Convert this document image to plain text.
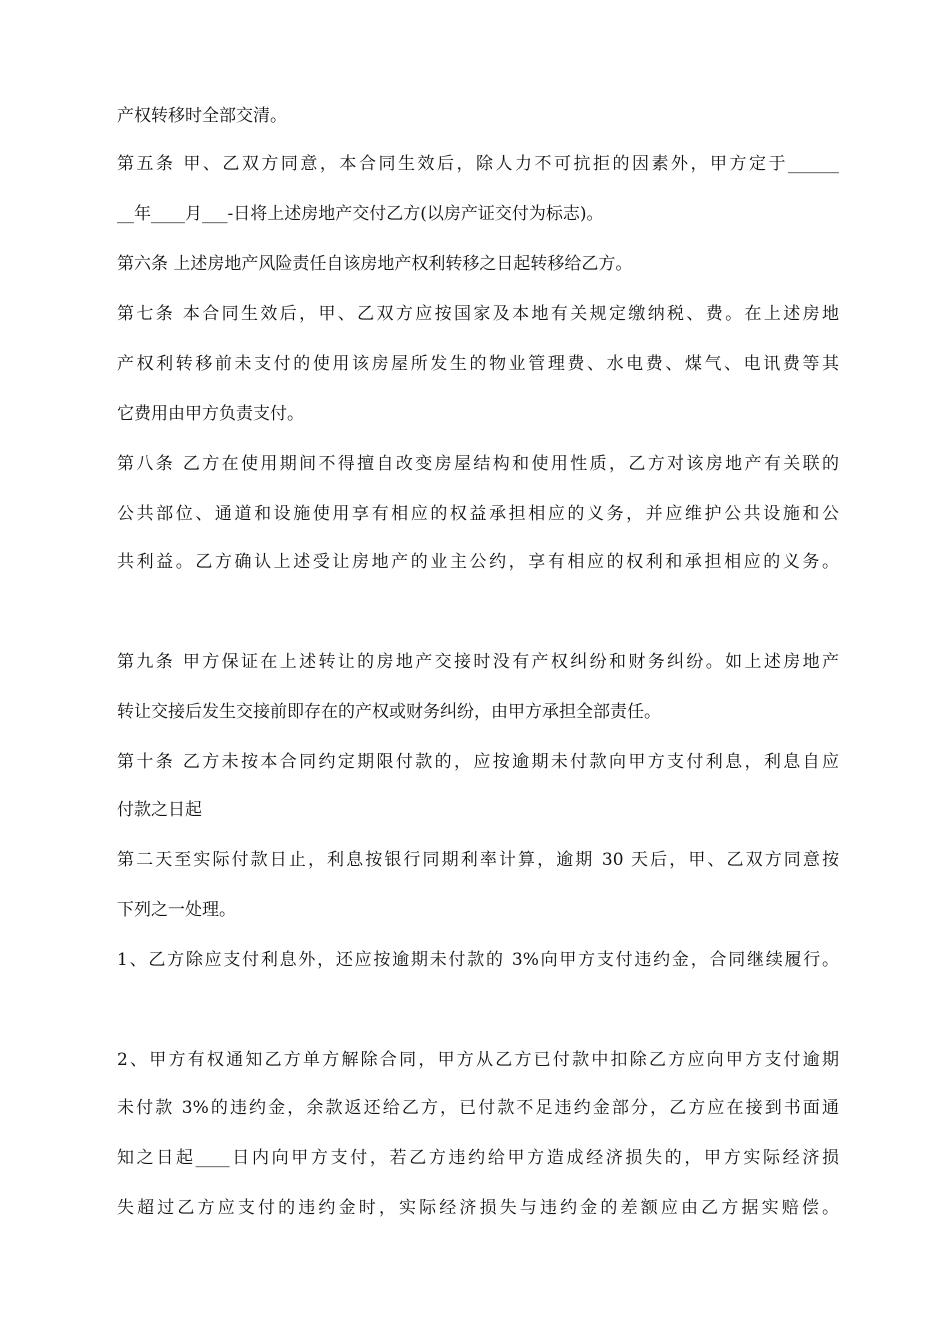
产权转移时全部交清。
第五条 甲、乙双方同意，本合同生效后，除人力不可抗拒的因素外，甲方定于______
__年____月___-日将上述房地产交付乙方(以房产证交付为标志)。
第六条 上述房地产风险责任自该房地产权利转移之日起转移给乙方。
第七条 本合同生效后，甲、乙双方应按国家及本地有关规定缴纳税、费。在上述房地
产权利转移前未支付的使用该房屋所发生的物业管理费、水电费、煤气、电讯费等其
它费用由甲方负责支付。
第八条 乙方在使用期间不得擅自改变房屋结构和使用性质，乙方对该房地产有关联的
公共部位、通道和设施使用享有相应的权益承担相应的义务，并应维护公共设施和公
共利益。乙方确认上述受让房地产的业主公约，享有相应的权利和承担相应的义务。
第九条 甲方保证在上述转让的房地产交接时没有产权纠纷和财务纠纷。如上述房地产
转让交接后发生交接前即存在的产权或财务纠纷，由甲方承担全部责任。
第十条 乙方未按本合同约定期限付款的，应按逾期未付款向甲方支付利息，利息自应
付款之日起
第二天至实际付款日止，利息按银行同期利率计算，逾期 30 天后，甲、乙双方同意按
下列之一处理。
1、乙方除应支付利息外，还应按逾期未付款的 3%向甲方支付违约金，合同继续履行。
2、甲方有权通知乙方单方解除合同，甲方从乙方已付款中扣除乙方应向甲方支付逾期
未付款 3%的违约金，余款返还给乙方，已付款不足违约金部分，乙方应在接到书面通
知之日起____日内向甲方支付，若乙方违约给甲方造成经济损失的，甲方实际经济损
失超过乙方应支付的违约金时，实际经济损失与违约金的差额应由乙方据实赔偿。
